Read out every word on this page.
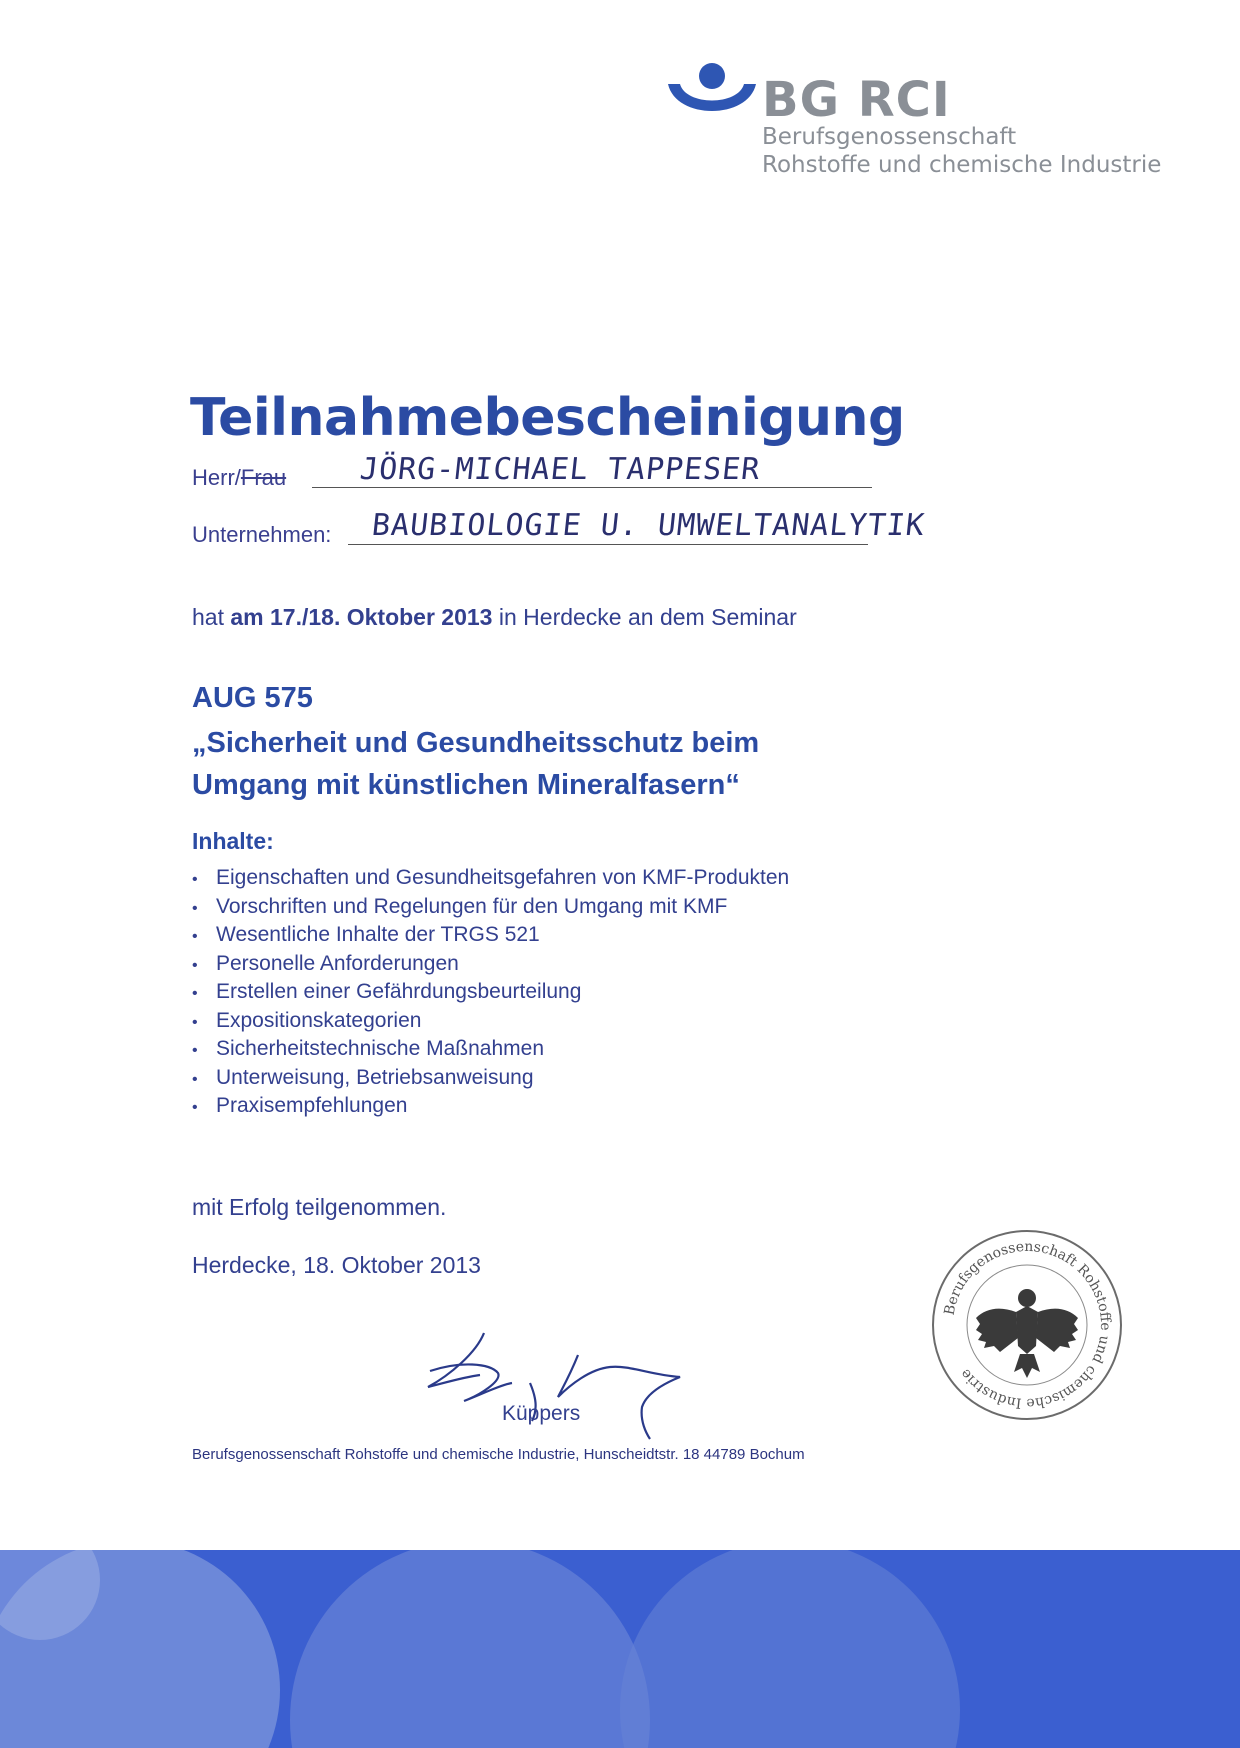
BG RCI
Berufsgenossenschaft
Rohstoffe und chemische Industrie
Teilnahmebescheinigung
Herr/Frau JÖRG-MICHAEL TAPPESER
Unternehmen: BAUBIOLOGIE U. UMWELTANALYTIK
hat am 17./18. Oktober 2013 in Herdecke an dem Seminar
AUG 575
„Sicherheit und Gesundheitsschutz beim
Umgang mit künstlichen Mineralfasern“
Inhalte:
• Eigenschaften und Gesundheitsgefahren von KMF-Produkten
• Vorschriften und Regelungen für den Umgang mit KMF
• Wesentliche Inhalte der TRGS 521
• Personelle Anforderungen
• Erstellen einer Gefährdungsbeurteilung
• Expositionskategorien
• Sicherheitstechnische Maßnahmen
• Unterweisung, Betriebsanweisung
• Praxisempfehlungen
mit Erfolg teilgenommen.
Herdecke, 18. Oktober 2013
Küppers
Berufsgenossenschaft Rohstoffe und chemische Industrie
Berufsgenossenschaft Rohstoffe und chemische Industrie, Hunscheidtstr. 18 44789 Bochum
